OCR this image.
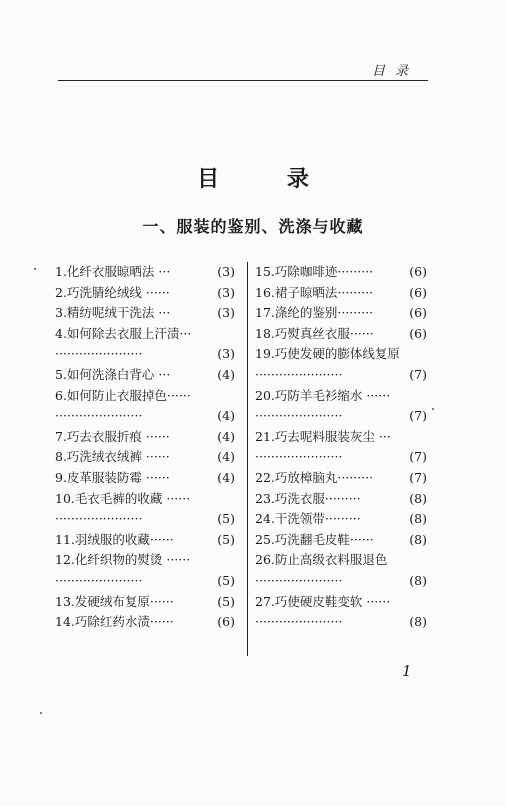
目 录
目 录
一、服装的鉴别、洗涤与收藏
1.化纤衣服晾晒法 ···	(3)
2.巧洗腈纶绒线 ······	(3)
3.精纺呢绒干洗法 ···	(3)
4.如何除去衣服上汗渍···
······················	(3)
5.如何洗涤白背心 ···	(4)
6.如何防止衣服掉色······
······················	(4)
7.巧去衣服折痕 ······	(4)
8.巧洗绒衣绒裤 ······	(4)
9.皮革服装防霉 ······	(4)
10.毛衣毛裤的收藏 ······
······················	(5)
11.羽绒服的收藏······	(5)
12.化纤织物的熨烫 ······
······················	(5)
13.发硬绒布复原······	(5)
14.巧除红药水渍······	(6)
15.巧除咖啡迹·········	(6)
16.裙子晾晒法·········	(6)
17.涤纶的鉴别·········	(6)
18.巧熨真丝衣服······	(6)
19.巧使发硬的膨体线复原
······················	(7)
20.巧防羊毛衫缩水 ······
······················	(7)
21.巧去呢料服装灰尘 ···
······················	(7)
22.巧放樟脑丸·········	(7)
23.巧洗衣服·········	(8)
24.干洗领带·········	(8)
25.巧洗翻毛皮鞋······	(8)
26.防止高级衣料服退色
······················	(8)
27.巧使硬皮鞋变软 ······
······················	(8)
1
